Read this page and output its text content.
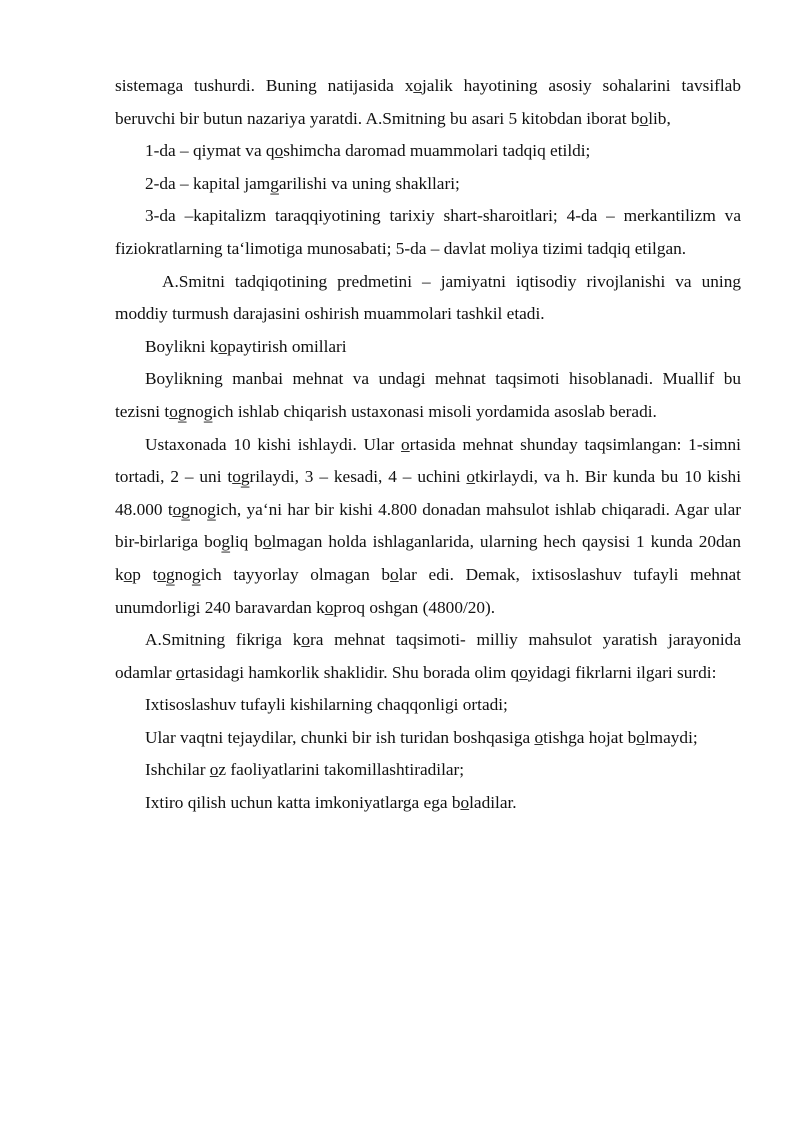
sistemaga tushurdi. Buning natijasida xo̲jalik hayotining asosiy sohalarini tavsiflab beruvchi bir butun nazariya yaratdi. A.Smitning bu asari 5 kitobdan iborat bo̲lib,

1-da – qiymat va qo̲shimcha daromad muammolari tadqiq etildi;

2-da – kapital jamg̲arilishi va uning shakllari;

3-da –kapitalizm taraqqiyotining tarixiy shart-sharoitlari; 4-da – merkantilizm va fiziokratlarning ta‘limotiga munosabati; 5-da – davlat moliya tizimi tadqiq etilgan.

A.Smitni tadqiqotining predmetini – jamiyatni iqtisodiy rivojlanishi va uning moddiy turmush darajasini oshirish muammolari tashkil etadi.

Boylikni ko̲paytirish omillari

Boylikning manbai mehnat va undagi mehnat taqsimoti hisoblanadi. Muallif bu tezisni to̲g̲nog̲ich ishlab chiqarish ustaxonasi misoli yordamida asoslab beradi.

Ustaxonada 10 kishi ishlaydi. Ular o̲rtasida mehnat shunday taqsimlangan: 1-simni tortadi, 2 – uni to̲g̲rilaydi, 3 – kesadi, 4 – uchini o̲tkirlaydi, va h. Bir kunda bu 10 kishi 48.000 to̲g̲nog̲ich, ya‘ni har bir kishi 4.800 donadan mahsulot ishlab chiqaradi. Agar ular bir-birlariga bog̲liq bo̲lmagan holda ishlaganlarida, ularning hech qaysisi 1 kunda 20dan ko̲p to̲g̲nog̲ich tayyorlay olmagan bo̲lar edi. Demak, ixtisoslashuv tufayli mehnat unumdorligi 240 baravardan ko̲proq oshgan (4800/20).

A.Smitning fikriga ko̲ra mehnat taqsimoti- milliy mahsulot yaratish jarayonida odamlar o̲rtasidagi hamkorlik shaklidir. Shu borada olim qo̲yidagi fikrlarni ilgari surdi:

Ixtisoslashuv tufayli kishilarning chaqqonligi ortadi;

Ular vaqtni tejaydilar, chunki bir ish turidan boshqasiga o̲tishga hojat bo̲lmaydi;

Ishchilar o̲z faoliyatlarini takomillashtiradilar;

Ixtiro qilish uchun katta imkoniyatlarga ega bo̲ladilar.
